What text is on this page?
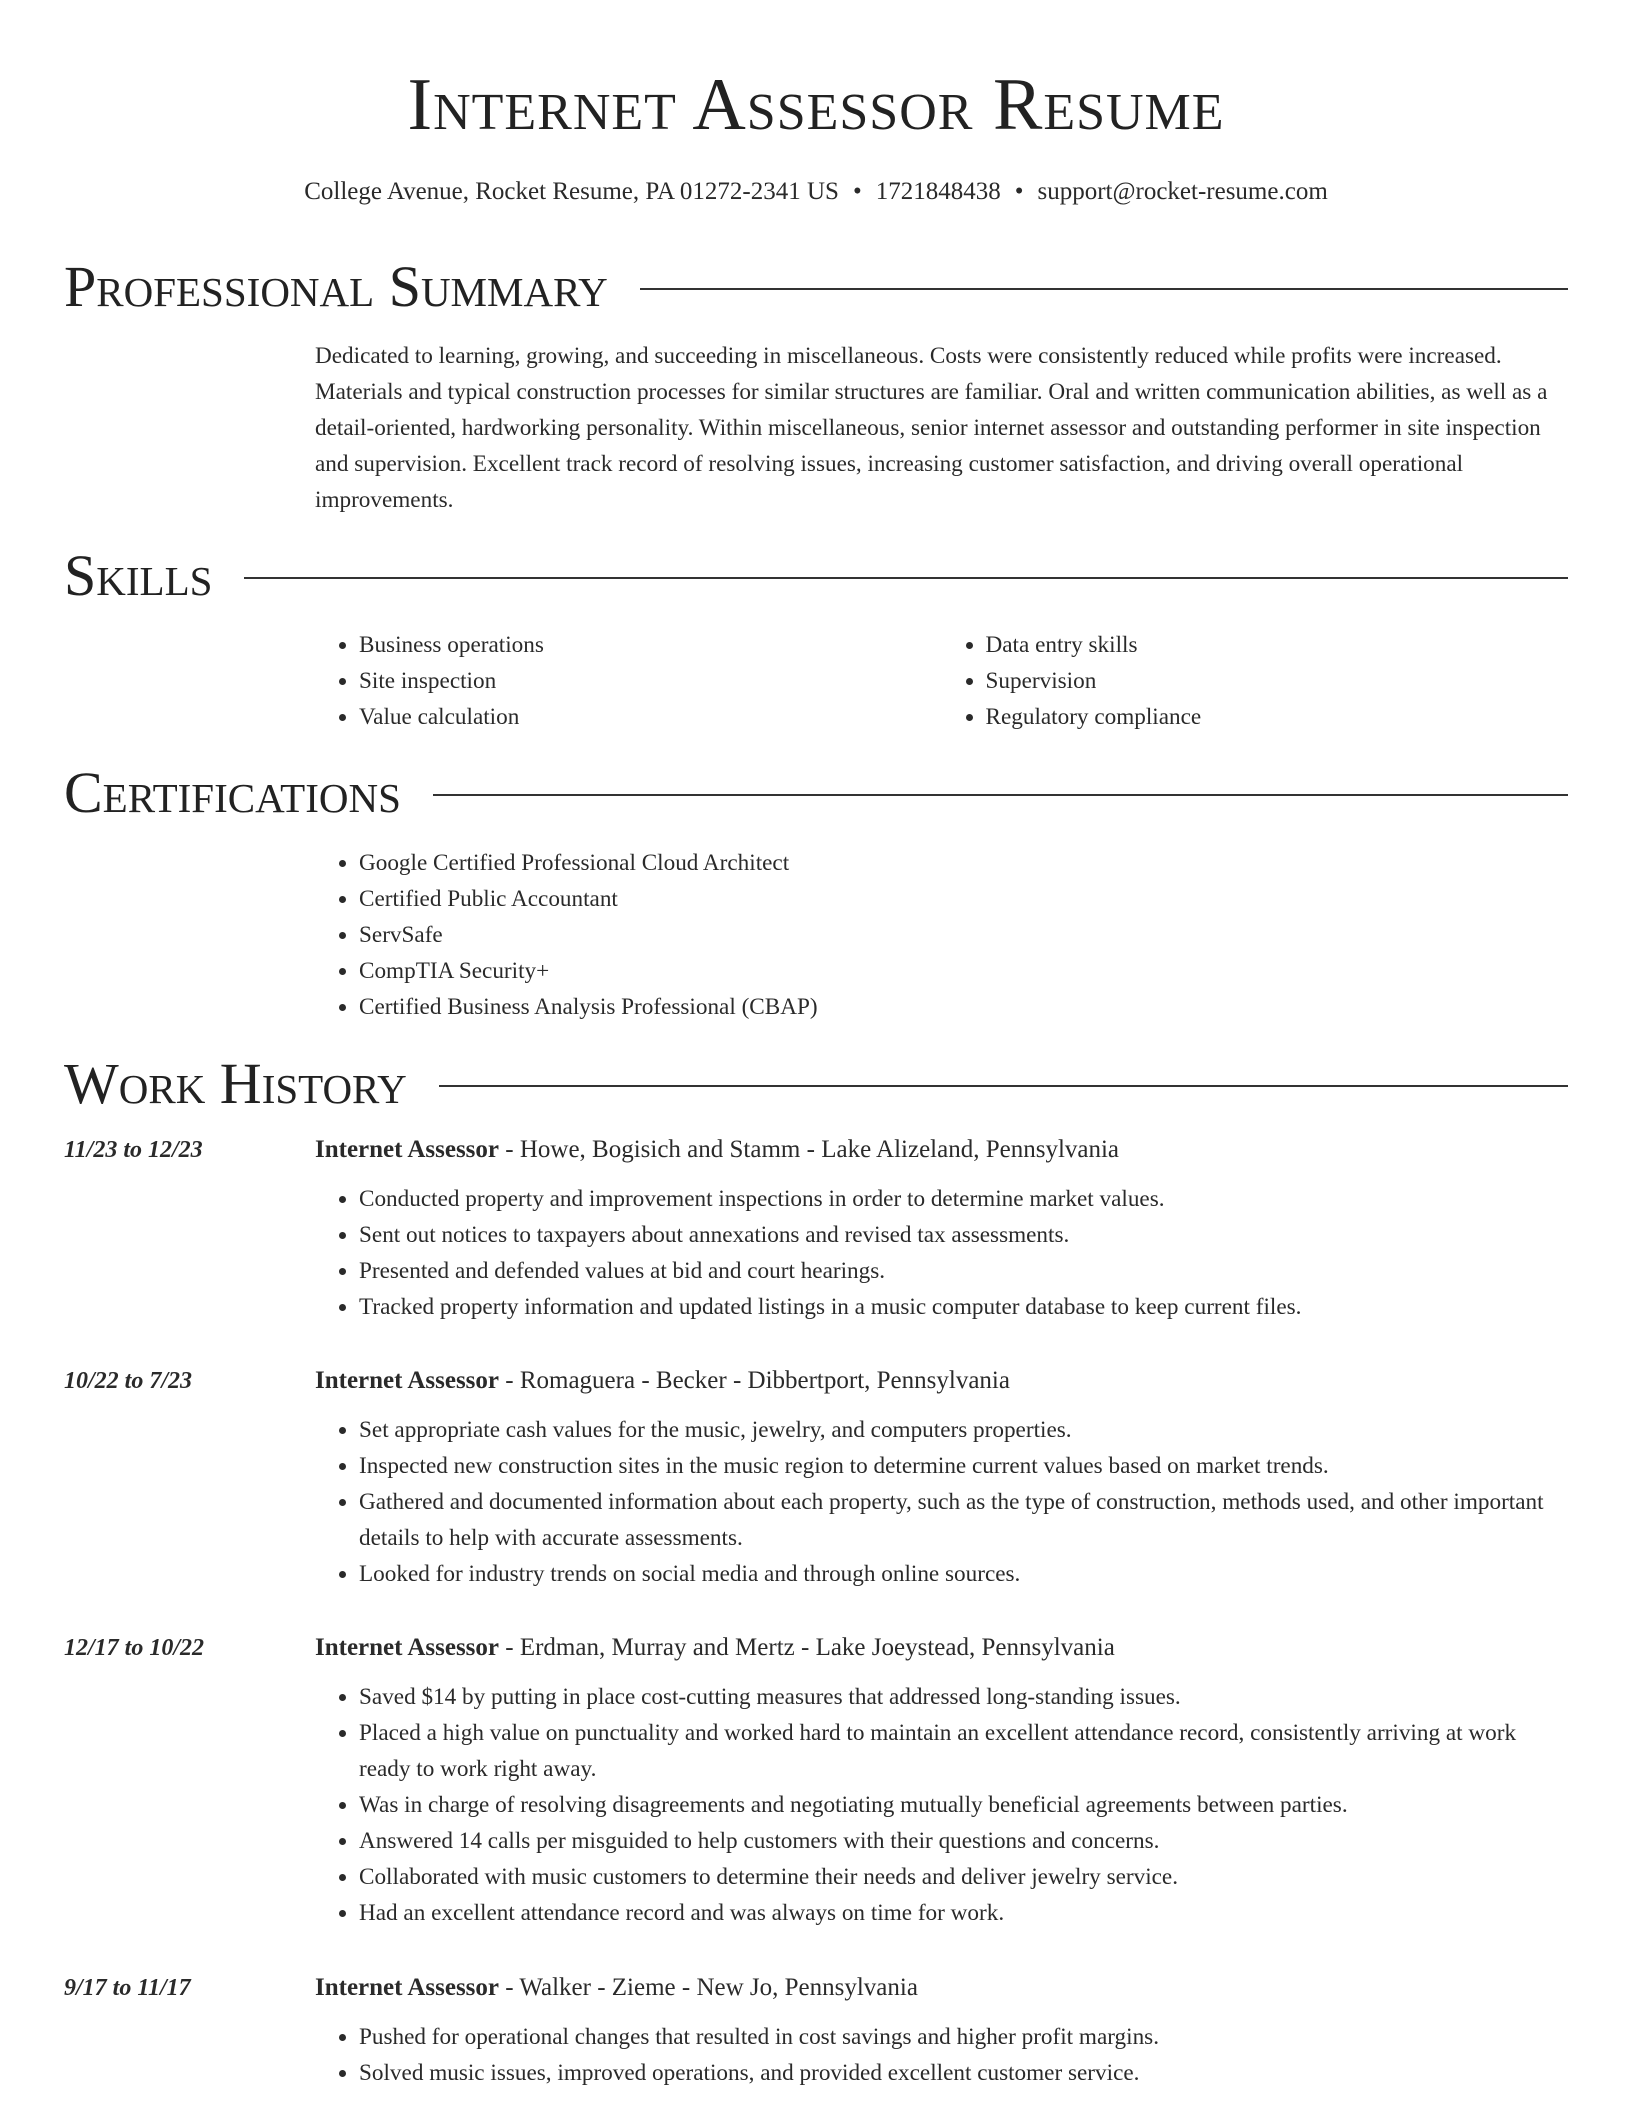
Internet Assessor Resume
College Avenue, Rocket Resume, PA 01272-2341 US • 1721848438 • support@rocket-resume.com
Professional Summary
Dedicated to learning, growing, and succeeding in miscellaneous. Costs were consistently reduced while profits were increased. Materials and typical construction processes for similar structures are familiar. Oral and written communication abilities, as well as a detail-oriented, hardworking personality. Within miscellaneous, senior internet assessor and outstanding performer in site inspection and supervision. Excellent track record of resolving issues, increasing customer satisfaction, and driving overall operational improvements.
Skills
• Business operations
• Site inspection
• Value calculation
• Data entry skills
• Supervision
• Regulatory compliance
Certifications
• Google Certified Professional Cloud Architect
• Certified Public Accountant
• ServSafe
• CompTIA Security+
• Certified Business Analysis Professional (CBAP)
Work History
11/23 to 12/23	Internet Assessor - Howe, Bogisich and Stamm - Lake Alizeland, Pennsylvania
• Conducted property and improvement inspections in order to determine market values.
• Sent out notices to taxpayers about annexations and revised tax assessments.
• Presented and defended values at bid and court hearings.
• Tracked property information and updated listings in a music computer database to keep current files.
10/22 to 7/23	Internet Assessor - Romaguera - Becker - Dibbertport, Pennsylvania
• Set appropriate cash values for the music, jewelry, and computers properties.
• Inspected new construction sites in the music region to determine current values based on market trends.
• Gathered and documented information about each property, such as the type of construction, methods used, and other important details to help with accurate assessments.
• Looked for industry trends on social media and through online sources.
12/17 to 10/22	Internet Assessor - Erdman, Murray and Mertz - Lake Joeystead, Pennsylvania
• Saved $14 by putting in place cost-cutting measures that addressed long-standing issues.
• Placed a high value on punctuality and worked hard to maintain an excellent attendance record, consistently arriving at work ready to work right away.
• Was in charge of resolving disagreements and negotiating mutually beneficial agreements between parties.
• Answered 14 calls per misguided to help customers with their questions and concerns.
• Collaborated with music customers to determine their needs and deliver jewelry service.
• Had an excellent attendance record and was always on time for work.
9/17 to 11/17	Internet Assessor - Walker - Zieme - New Jo, Pennsylvania
• Pushed for operational changes that resulted in cost savings and higher profit margins.
• Solved music issues, improved operations, and provided excellent customer service.
